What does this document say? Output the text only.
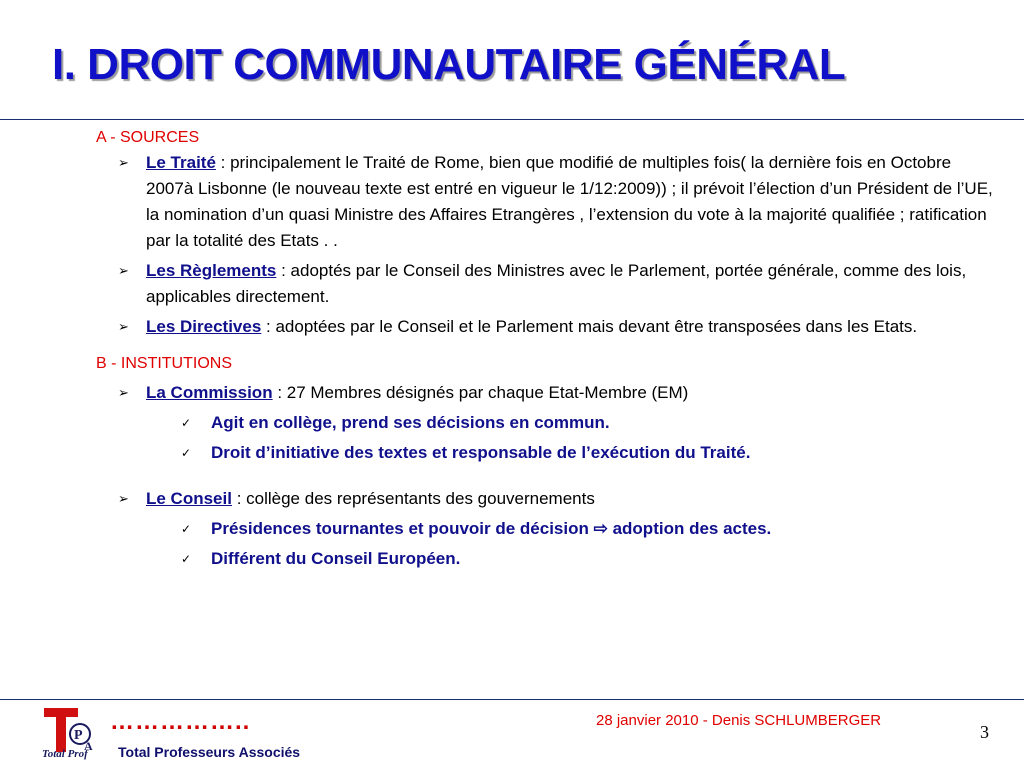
I. DROIT COMMUNAUTAIRE GÉNÉRAL
A - SOURCES
➢ Le Traité : principalement le Traité de Rome, bien que modifié de multiples fois( la dernière fois en Octobre 2007à Lisbonne (le nouveau texte est entré en vigueur le 1/12:2009)) ; il prévoit l’élection d’un Président de l’UE, la nomination d’un quasi Ministre des Affaires Etrangères , l’extension du vote à la majorité qualifiée ; ratification par la totalité des Etats . .
➢ Les Règlements : adoptés par le Conseil des Ministres avec le Parlement, portée générale, comme des lois, applicables directement.
➢ Les Directives : adoptées par le Conseil et le Parlement mais devant être transposées dans les Etats.
B - INSTITUTIONS
➢ La Commission : 27 Membres désignés par chaque Etat-Membre (EM)
✓ Agit en collège, prend ses décisions en commun.
✓ Droit d’initiative des textes et responsable de l’exécution du Traité.
➢ Le Conseil : collège des représentants des gouvernements
✓ Présidences tournantes et pouvoir de décision ⇨ adoption des actes.
✓ Différent du Conseil Européen.
P
A
Total Prof
……………..
Total Professeurs Associés
28 janvier 2010 - Denis SCHLUMBERGER
3
